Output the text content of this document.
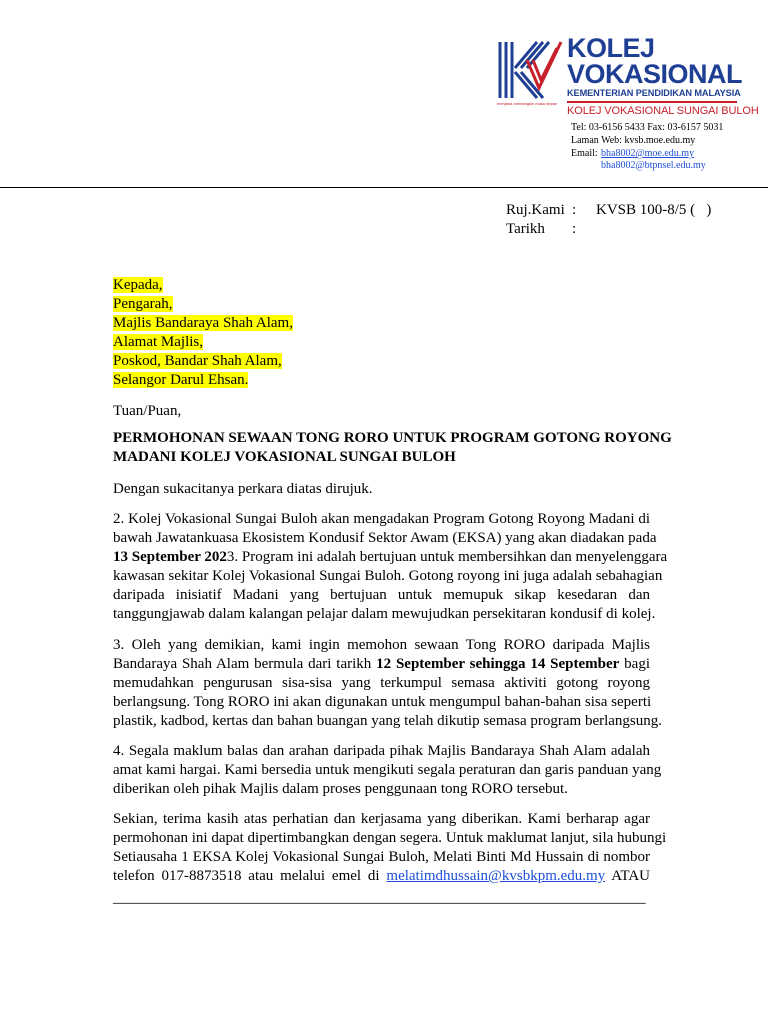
menjana memangkin masa depan
KOLEJ
VOKASIONAL
KEMENTERIAN PENDIDIKAN MALAYSIA
KOLEJ VOKASIONAL SUNGAI BULOH
Tel: 03-6156 5433 Fax: 03-6157 5031
Laman Web: kvsb.moe.edu.my
Email: bha8002@moe.edu.my
bha8002@btpnsel.edu.my
Ruj.Kami : KVSB 100-8/5 (   )
Tarikh :
Kepada,
Pengarah,
Majlis Bandaraya Shah Alam,
Alamat Majlis,
Poskod, Bandar Shah Alam,
Selangor Darul Ehsan.
Tuan/Puan,
PERMOHONAN SEWAAN TONG RORO UNTUK PROGRAM GOTONG ROYONG
MADANI KOLEJ VOKASIONAL SUNGAI BULOH
Dengan sukacitanya perkara diatas dirujuk.
2. Kolej Vokasional Sungai Buloh akan mengadakan Program Gotong Royong Madani di
bawah Jawatankuasa Ekosistem Kondusif Sektor Awam (EKSA) yang akan diadakan pada
13 September 2023. Program ini adalah bertujuan untuk membersihkan dan menyelenggara
kawasan sekitar Kolej Vokasional Sungai Buloh. Gotong royong ini juga adalah sebahagian
daripada inisiatif Madani yang bertujuan untuk memupuk sikap kesedaran dan
tanggungjawab dalam kalangan pelajar dalam mewujudkan persekitaran kondusif di kolej.
3. Oleh yang demikian, kami ingin memohon sewaan Tong RORO daripada Majlis
Bandaraya Shah Alam bermula dari tarikh 12 September sehingga 14 September bagi
memudahkan pengurusan sisa-sisa yang terkumpul semasa aktiviti gotong royong
berlangsung. Tong RORO ini akan digunakan untuk mengumpul bahan-bahan sisa seperti
plastik, kadbod, kertas dan bahan buangan yang telah dikutip semasa program berlangsung.
4. Segala maklum balas dan arahan daripada pihak Majlis Bandaraya Shah Alam adalah
amat kami hargai. Kami bersedia untuk mengikuti segala peraturan dan garis panduan yang
diberikan oleh pihak Majlis dalam proses penggunaan tong RORO tersebut.
Sekian, terima kasih atas perhatian dan kerjasama yang diberikan. Kami berharap agar
permohonan ini dapat dipertimbangkan dengan segera. Untuk maklumat lanjut, sila hubungi
Setiausaha 1 EKSA Kolej Vokasional Sungai Buloh, Melati Binti Md Hussain di nombor
telefon 017-8873518 atau melalui emel di melatimdhussain@kvsbkpm.edu.my ATAU
_______________________________________________________________________
